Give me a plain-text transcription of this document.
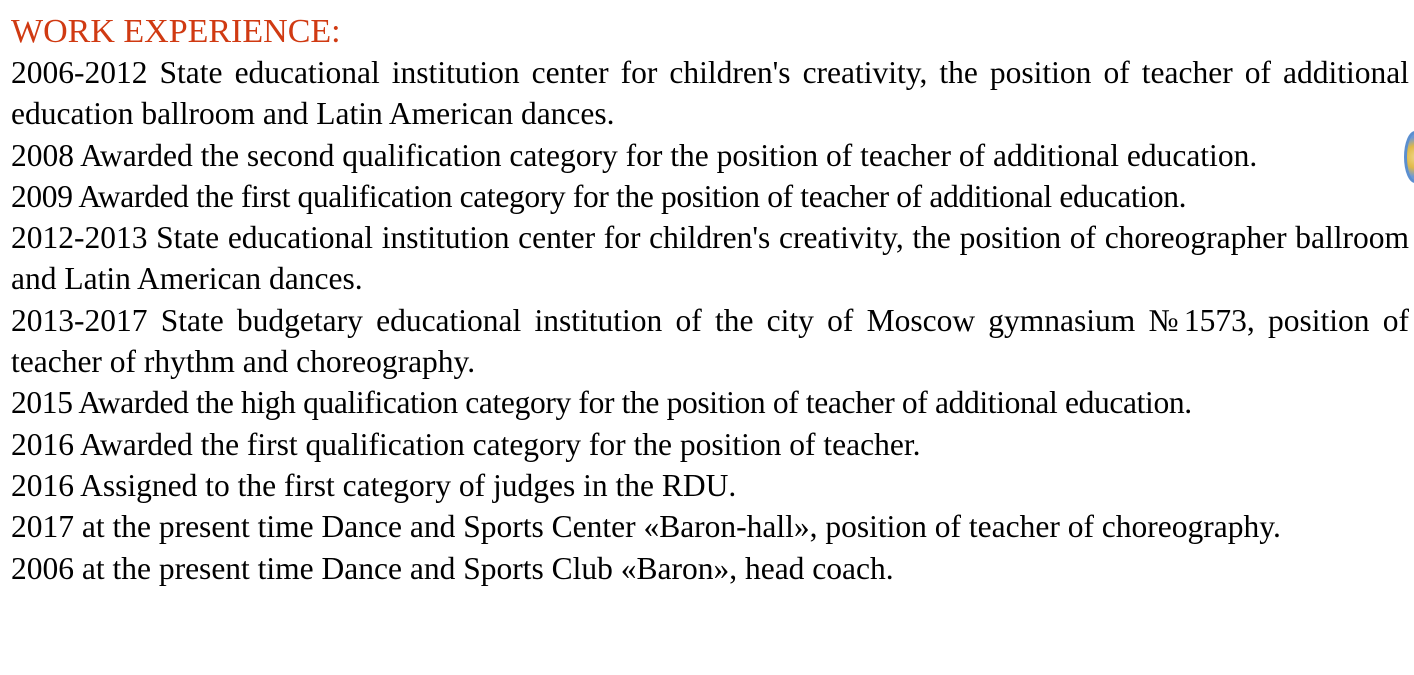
WORK EXPERIENCE:
2006-2012 State educational institution center for children's creativity, the position of teacher of additional education ballroom and Latin American dances.
2008 Awarded the second qualification category for the position of teacher of additional education.
2009 Awarded the first qualification category for the position of teacher of additional education.
2012-2013 State educational institution center for children's creativity, the position of choreographer ballroom and Latin American dances.
2013-2017 State budgetary educational institution of the city of Moscow gymnasium №1573, position of teacher of rhythm and choreography.
2015 Awarded the high qualification category for the position of teacher of additional education.
2016 Awarded the first qualification category for the position of teacher.
2016 Assigned to the first category of judges in the RDU.
2017 at the present time Dance and Sports Center «Baron-hall», position of teacher of choreography.
2006 at the present time Dance and Sports Club «Baron», head coach.
